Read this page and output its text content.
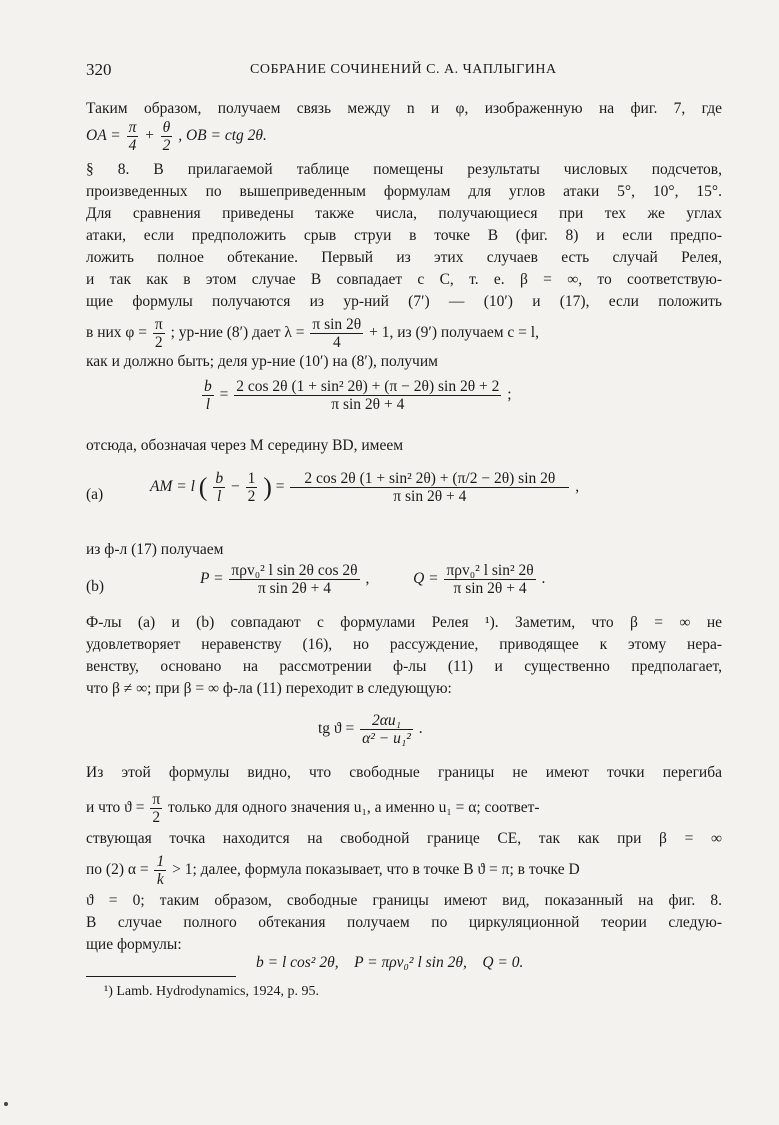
320	СОБРАНИЕ СОЧИНЕНИЙ С. А. ЧАПЛЫГИНА
Таким образом, получаем связь между n и φ, изображенную на фиг. 7, где
OA = $\frac{\pi}{4} + \frac{\theta}{2}$ , OB = ctg 2θ.
§ 8. В прилагаемой таблице помещены результаты числовых подсчетов,
произведенных по вышеприведенным формулам для углов атаки 5°, 10°, 15°.
Для сравнения приведены также числа, получающиеся при тех же углах
атаки, если предположить срыв струи в точке B (фиг. 8) и если предпо-
ложить полное обтекание. Первый из этих случаев есть случай Релея,
и так как в этом случае B совпадает с C, т. е. β = ∞, то соответствую-
щие формулы получаются из ур-ний (7′) — (10′) и (17), если положить
в них $\varphi = \frac{\pi}{2}$ ; ур-ние (8′) дает $\lambda = \frac{\text{π sin 2θ}}{4} + 1$, из (9′) получаем c = l,
как и должно быть; деля ур-ние (10′) на (8′), получим
$\frac{b}{l} = \frac{\text{2 cos 2θ (1 + sin² 2θ) + (π − 2θ) sin 2θ + 2}}{\text{π sin 2θ + 4}}$ ;
отсюда, обозначая через M середину BD, имеем
(a)	AM = l ( $\frac{b}{l} - \frac{1}{2}$ ) = $\frac{\text{2 cos 2θ (1 + sin² 2θ) + (π/2 − 2θ) sin 2θ}}{\text{π sin 2θ + 4}}$ ,
из ф-л (17) получаем
(b)	$P = \frac{\text{πρv₀² l sin 2θ cos 2θ}}{\text{π sin 2θ + 4}}$ ,	$Q = \frac{\text{πρv₀² l sin² 2θ}}{\text{π sin 2θ + 4}}$ .
Ф-лы (a) и (b) совпадают с формулами Релея ¹). Заметим, что β = ∞ не
удовлетворяет неравенству (16), но рассуждение, приводящее к этому нера-
венству, основано на рассмотрении ф-лы (11) и существенно предполагает,
что β ≠ ∞; при β = ∞ ф-ла (11) переходит в следующую:
tg $ϑ = \frac{\text{2αu₁}}{\text{α² − u₁²}}$ .
Из этой формулы видно, что свободные границы не имеют точки перегиба
и что $ϑ = \frac{\pi}{2}$ только для одного значения u₁, а именно u₁ = α; соответ-
ствующая точка находится на свободной границе CE, так как при β = ∞
по (2) $\alpha = \frac{1}{k} > 1$; далее, формула показывает, что в точке B ϑ = π; в точке D
ϑ = 0; таким образом, свободные границы имеют вид, показанный на фиг. 8.
В случае полного обтекания получаем по циркуляционной теории следую-
щие формулы:
b = l cos² 2θ,    P = πρv₀² l sin 2θ,    Q = 0.
¹) Lamb. Hydrodynamics, 1924, p. 95.
